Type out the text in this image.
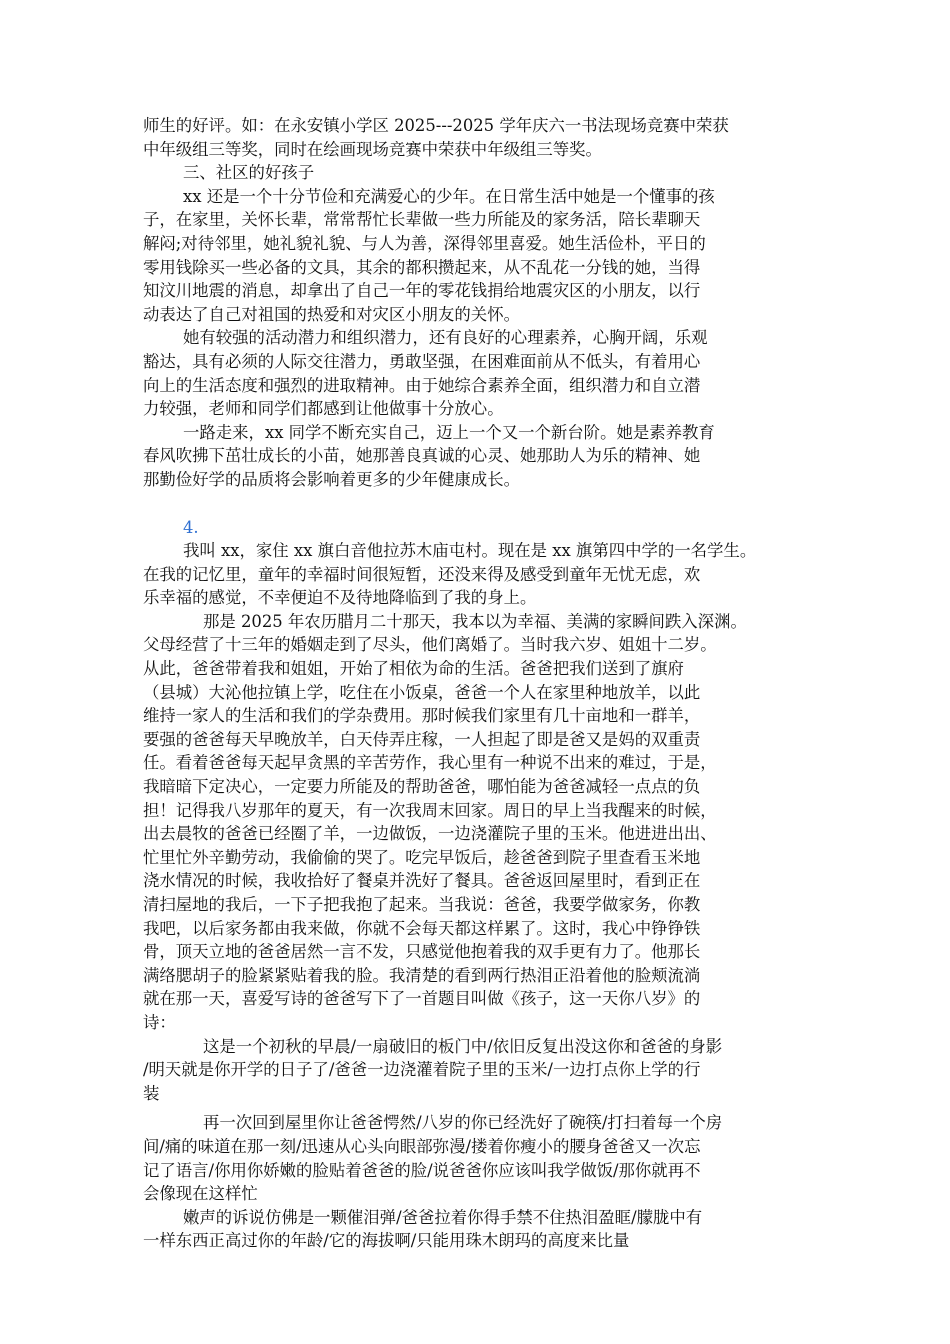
师生的好评。如：在永安镇小学区 2025---2025 学年庆六一书法现场竞赛中荣获
中年级组三等奖，同时在绘画现场竞赛中荣获中年级组三等奖。

三、社区的好孩子

xx 还是一个十分节俭和充满爱心的少年。在日常生活中她是一个懂事的孩
子，在家里，关怀长辈，常常帮忙长辈做一些力所能及的家务活，陪长辈聊天
解闷;对待邻里，她礼貌礼貌、与人为善，深得邻里喜爱。她生活俭朴，平日的
零用钱除买一些必备的文具，其余的都积攒起来，从不乱花一分钱的她，当得
知汶川地震的消息，却拿出了自己一年的零花钱捐给地震灾区的小朋友，以行
动表达了自己对祖国的热爱和对灾区小朋友的关怀。

她有较强的活动潜力和组织潜力，还有良好的心理素养，心胸开阔，乐观
豁达，具有必须的人际交往潜力，勇敢坚强，在困难面前从不低头，有着用心
向上的生活态度和强烈的进取精神。由于她综合素养全面，组织潜力和自立潜
力较强，老师和同学们都感到让他做事十分放心。

一路走来，xx 同学不断充实自己，迈上一个又一个新台阶。她是素养教育
春风吹拂下茁壮成长的小苗，她那善良真诚的心灵、她那助人为乐的精神、她
那勤俭好学的品质将会影响着更多的少年健康成长。

4.

我叫 xx，家住 xx 旗白音他拉苏木庙屯村。现在是 xx 旗第四中学的一名学生。
在我的记忆里，童年的幸福时间很短暂，还没来得及感受到童年无忧无虑，欢
乐幸福的感觉，不幸便迫不及待地降临到了我的身上。

那是 2025 年农历腊月二十那天，我本以为幸福、美满的家瞬间跌入深渊。
父母经营了十三年的婚姻走到了尽头，他们离婚了。当时我六岁、姐姐十二岁。
从此，爸爸带着我和姐姐，开始了相依为命的生活。爸爸把我们送到了旗府
（县城）大沁他拉镇上学，吃住在小饭桌，爸爸一个人在家里种地放羊，以此
维持一家人的生活和我们的学杂费用。那时候我们家里有几十亩地和一群羊，
要强的爸爸每天早晚放羊，白天侍弄庄稼，一人担起了即是爸又是妈的双重责
任。看着爸爸每天起早贪黑的辛苦劳作，我心里有一种说不出来的难过，于是，
我暗暗下定决心，一定要力所能及的帮助爸爸，哪怕能为爸爸减轻一点点的负
担！记得我八岁那年的夏天，有一次我周末回家。周日的早上当我醒来的时候，
出去晨牧的爸爸已经圈了羊，一边做饭，一边浇灌院子里的玉米。他进进出出、
忙里忙外辛勤劳动，我偷偷的哭了。吃完早饭后，趁爸爸到院子里查看玉米地
浇水情况的时候，我收拾好了餐桌并洗好了餐具。爸爸返回屋里时，看到正在
清扫屋地的我后，一下子把我抱了起来。当我说：爸爸，我要学做家务，你教
我吧，以后家务都由我来做，你就不会每天都这样累了。这时，我心中铮铮铁
骨，顶天立地的爸爸居然一言不发，只感觉他抱着我的双手更有力了。他那长
满络腮胡子的脸紧紧贴着我的脸。我清楚的看到两行热泪正沿着他的脸颊流淌
就在那一天，喜爱写诗的爸爸写下了一首题目叫做《孩子，这一天你八岁》的
诗：

这是一个初秋的早晨/一扇破旧的板门中/依旧反复出没这你和爸爸的身影
/明天就是你开学的日子了/爸爸一边浇灌着院子里的玉米/一边打点你上学的行
装

再一次回到屋里你让爸爸愕然/八岁的你已经洗好了碗筷/打扫着每一个房
间/痛的味道在那一刻/迅速从心头向眼部弥漫/搂着你瘦小的腰身爸爸又一次忘
记了语言/你用你娇嫩的脸贴着爸爸的脸/说爸爸你应该叫我学做饭/那你就再不
会像现在这样忙

嫩声的诉说仿佛是一颗催泪弹/爸爸拉着你得手禁不住热泪盈眶/朦胧中有
一样东西正高过你的年龄/它的海拔啊/只能用珠木朗玛的高度来比量
